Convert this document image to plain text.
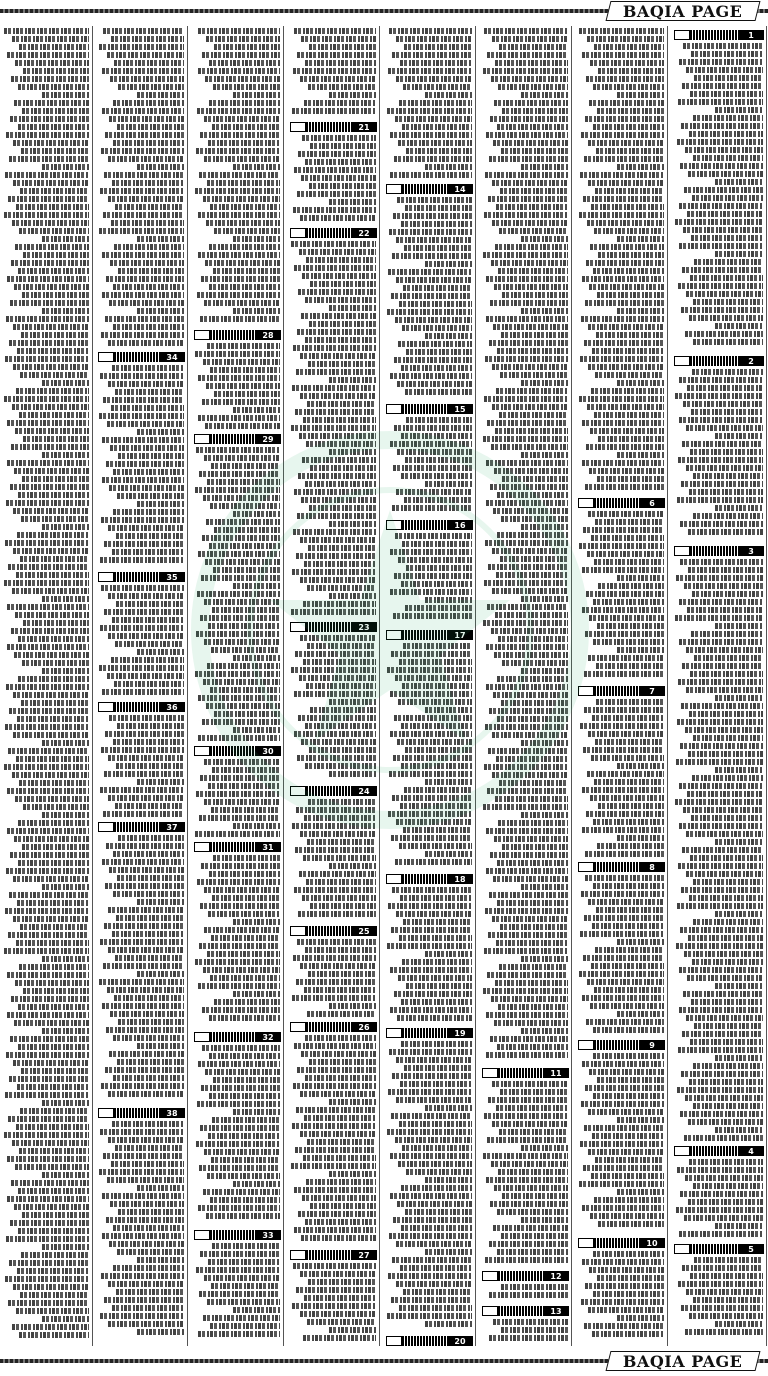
BAQIA PAGE
34
35
36
37
38
28
29
30
31
32
33
21
22
23
24
25
26
27
14
15
16
17
18
19
20
11
12
13
6
7
8
9
10
1
2
3
4
5
BAQIA PAGE
